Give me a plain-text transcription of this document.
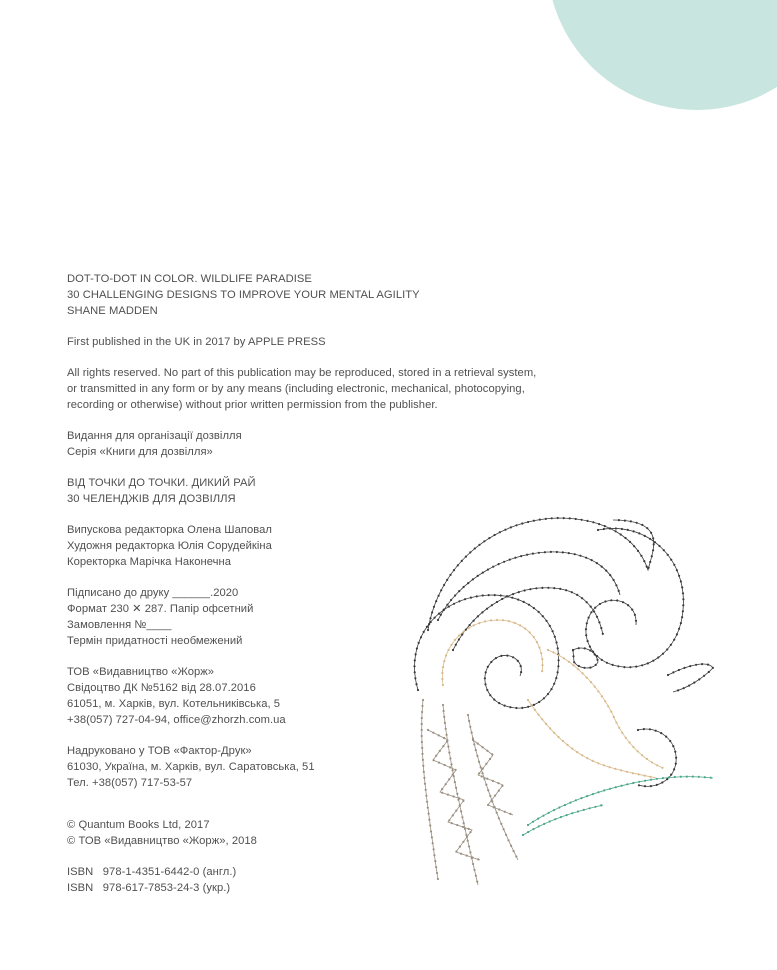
DOT-TO-DOT IN COLOR. WILDLIFE PARADISE
30 CHALLENGING DESIGNS TO IMPROVE YOUR MENTAL AGILITY
SHANE MADDEN
First published in the UK in 2017 by APPLE PRESS
All rights reserved. No part of this publication may be reproduced, stored in a retrieval system,
or transmitted in any form or by any means (including electronic, mechanical, photocopying,
recording or otherwise) without prior written permission from the publisher.
Видання для організації дозвілля
Серія «Книги для дозвілля»
ВІД ТОЧКИ ДО ТОЧКИ. ДИКИЙ РАЙ
30 ЧЕЛЕНДЖІВ ДЛЯ ДОЗВІЛЛЯ
Випускова редакторка Олена Шаповал
Художня редакторка Юлія Сорудейкіна
Коректорка Марічка Наконечна
Підписано до друку ______.2020
Формат 230 ✕ 287. Папір офсетний
Замовлення №____
Термін придатності необмежений
ТОВ «Видавництво «Жорж»
Свідоцтво ДК №5162 від 28.07.2016
61051, м. Харків, вул. Котельниківська, 5
+38(057) 727-04-94, office@zhorzh.com.ua
Надруковано у ТОВ «Фактор-Друк»
61030, Україна, м. Харків, вул. Саратовська, 51
Тел. +38(057) 717-53-57
© Quantum Books Ltd, 2017
© ТОВ «Видавництво «Жорж», 2018
ISBN   978-1-4351-6442-0 (англ.)
ISBN   978-617-7853-24-3 (укр.)
